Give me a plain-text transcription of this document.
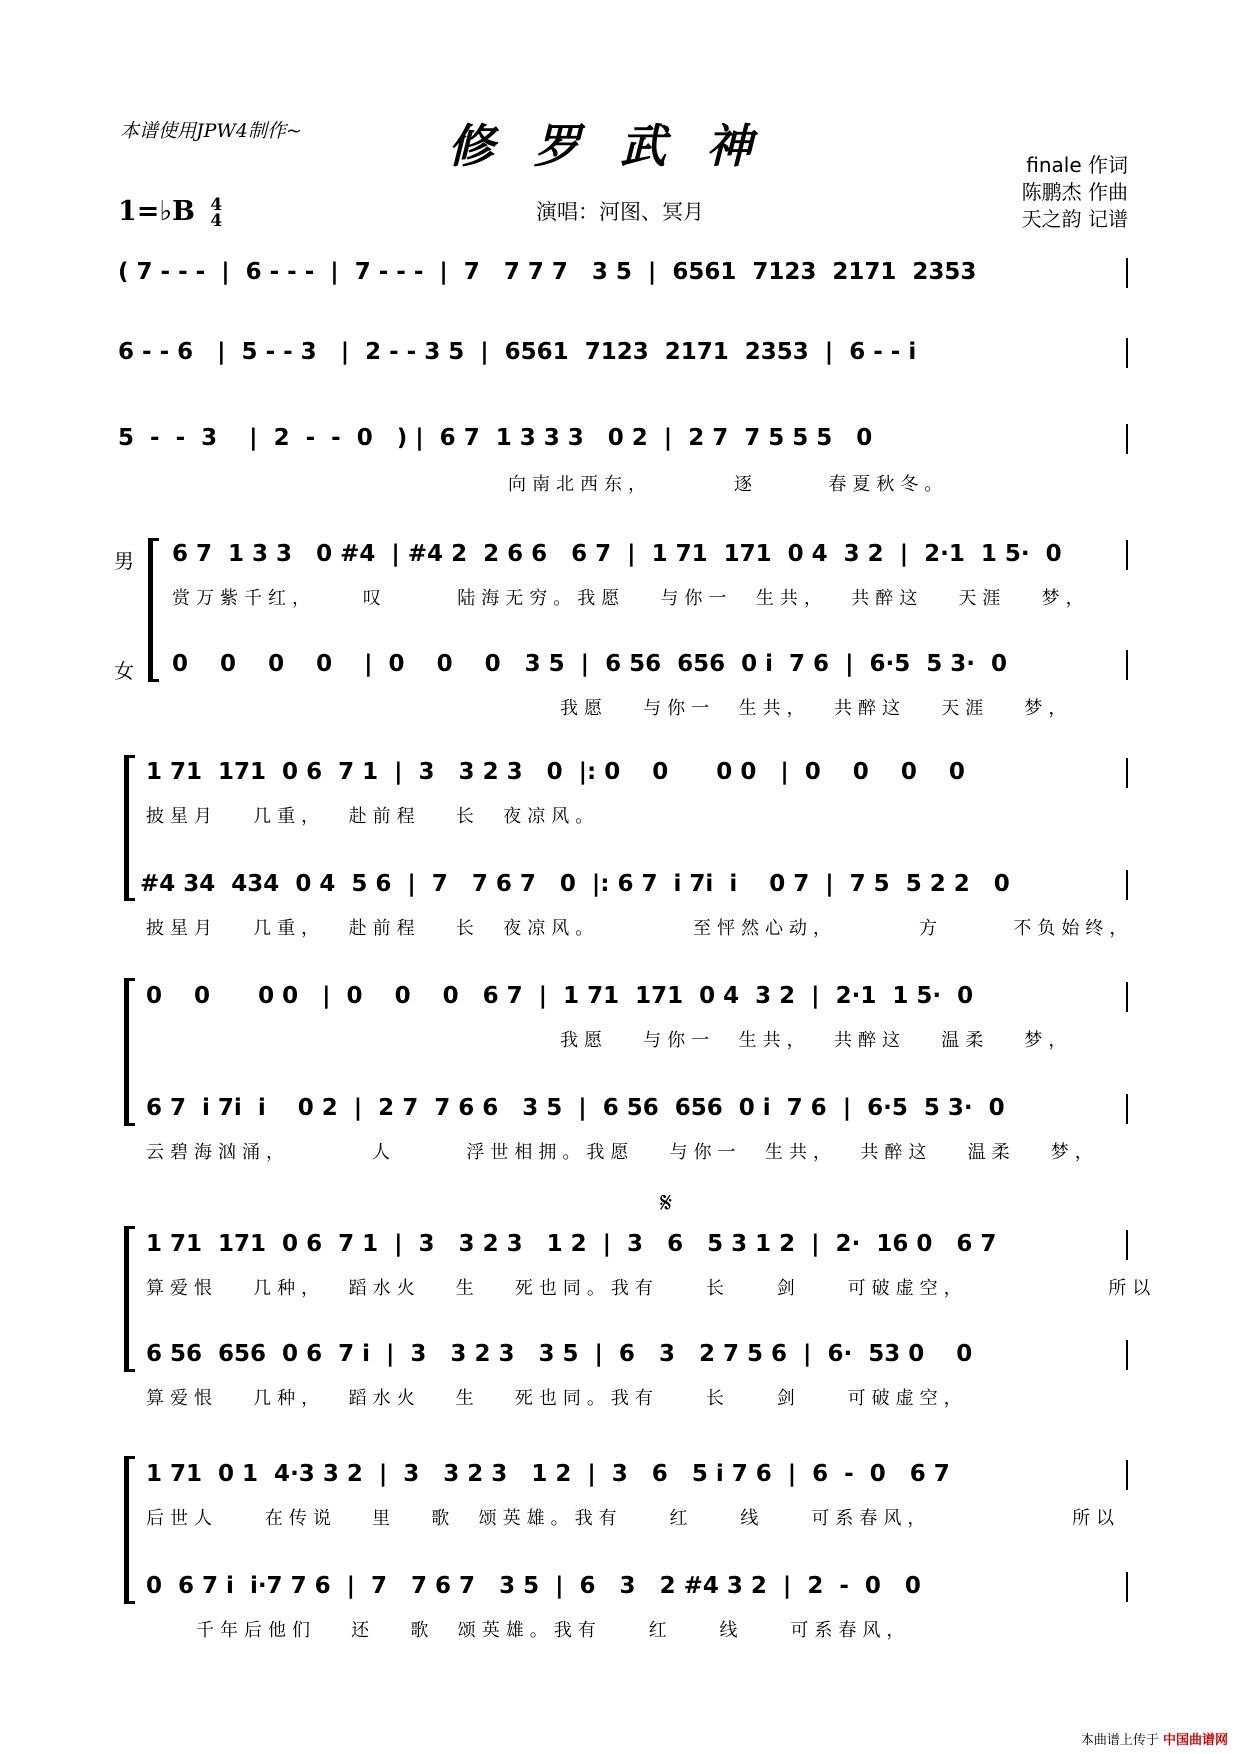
本谱使用JPW4制作~	修罗武神	finale 作词
陈鹏杰 作曲
天之韵 记谱
1=♭B 4
4	演唱：河图、冥月
( 7 - - -  |  6 - - -  |  7 - - -  |  7   7 7 7   3 5  |  6561  7123  2171  2353
6 - - 6   |  5 - - 3   |  2 - - 3 5  |  6561  7123  2171  2353  |  6 - - i
5  -  -  3    |  2  -  -  0   ) |  6 7  1 3 3 3   0 2  |  2 7  7 5 5 5   0
向南北西东，       逐      春夏秋冬。
男
女
6 7  1 3 3   0 #4  | #4 2  2 6 6   6 7  |  1 71  171  0 4  3 2  |  2·1  1 5·  0
赏万紫千红，    叹      陆海无穷。我愿   与你一  生共，  共醉这   天涯   梦，
0    0    0    0    |  0    0    0   3 5  |  6 56  656  0 i  7 6  |  6·5  5 3·  0
我愿   与你一  生共，  共醉这   天涯   梦，
1 71  171  0 6  7 1  |  3   3 2 3   0  |: 0    0      0 0   |  0    0    0    0
披星月   几重，  赴前程   长  夜凉风。
#4 34  434  0 4  5 6  |  7   7 6 7   0  |: 6 7  i 7i  i    0 7  |  7 5  5 2 2   0
披星月   几重，  赴前程   长  夜凉风。        至怦然心动，       方      不负始终，
0    0      0 0   |  0    0    0   6 7  |  1 71  171  0 4  3 2  |  2·1  1 5·  0
我愿   与你一  生共，  共醉这   温柔   梦，
6 7  i 7i  i    0 2  |  2 7  7 6 6   3 5  |  6 56  656  0 i  7 6  |  6·5  5 3·  0
云碧海汹涌，       人      浮世相拥。我愿   与你一  生共，  共醉这   温柔   梦，
𝄋
1 71  171  0 6  7 1  |  3   3 2 3   1 2  |  3   6   5 3 1 2  |  2·  16 0   6 7
算爱恨   几种，  蹈水火   生   死也同。我有    长    剑    可破虚空，            所以
6 56  656  0 6  7 i  |  3   3 2 3   3 5  |  6   3   2 7 5 6  |  6·  53 0    0
算爱恨   几种，  蹈水火   生   死也同。我有    长    剑    可破虚空，
1 71  0 1  4·3 3 2  |  3   3 2 3   1 2  |  3   6   5 i 7 6  |  6  -  0   6 7
后世人    在传说   里   歌  颂英雄。我有    红    线    可系春风，            所以
0  6 7 i  i·7 7 6  |  7   7 6 7   3 5  |  6   3   2 #4 3 2  |  2  -  0   0
千年后他们   还   歌  颂英雄。我有    红    线    可系春风，
本曲谱上传于 中国曲谱网
